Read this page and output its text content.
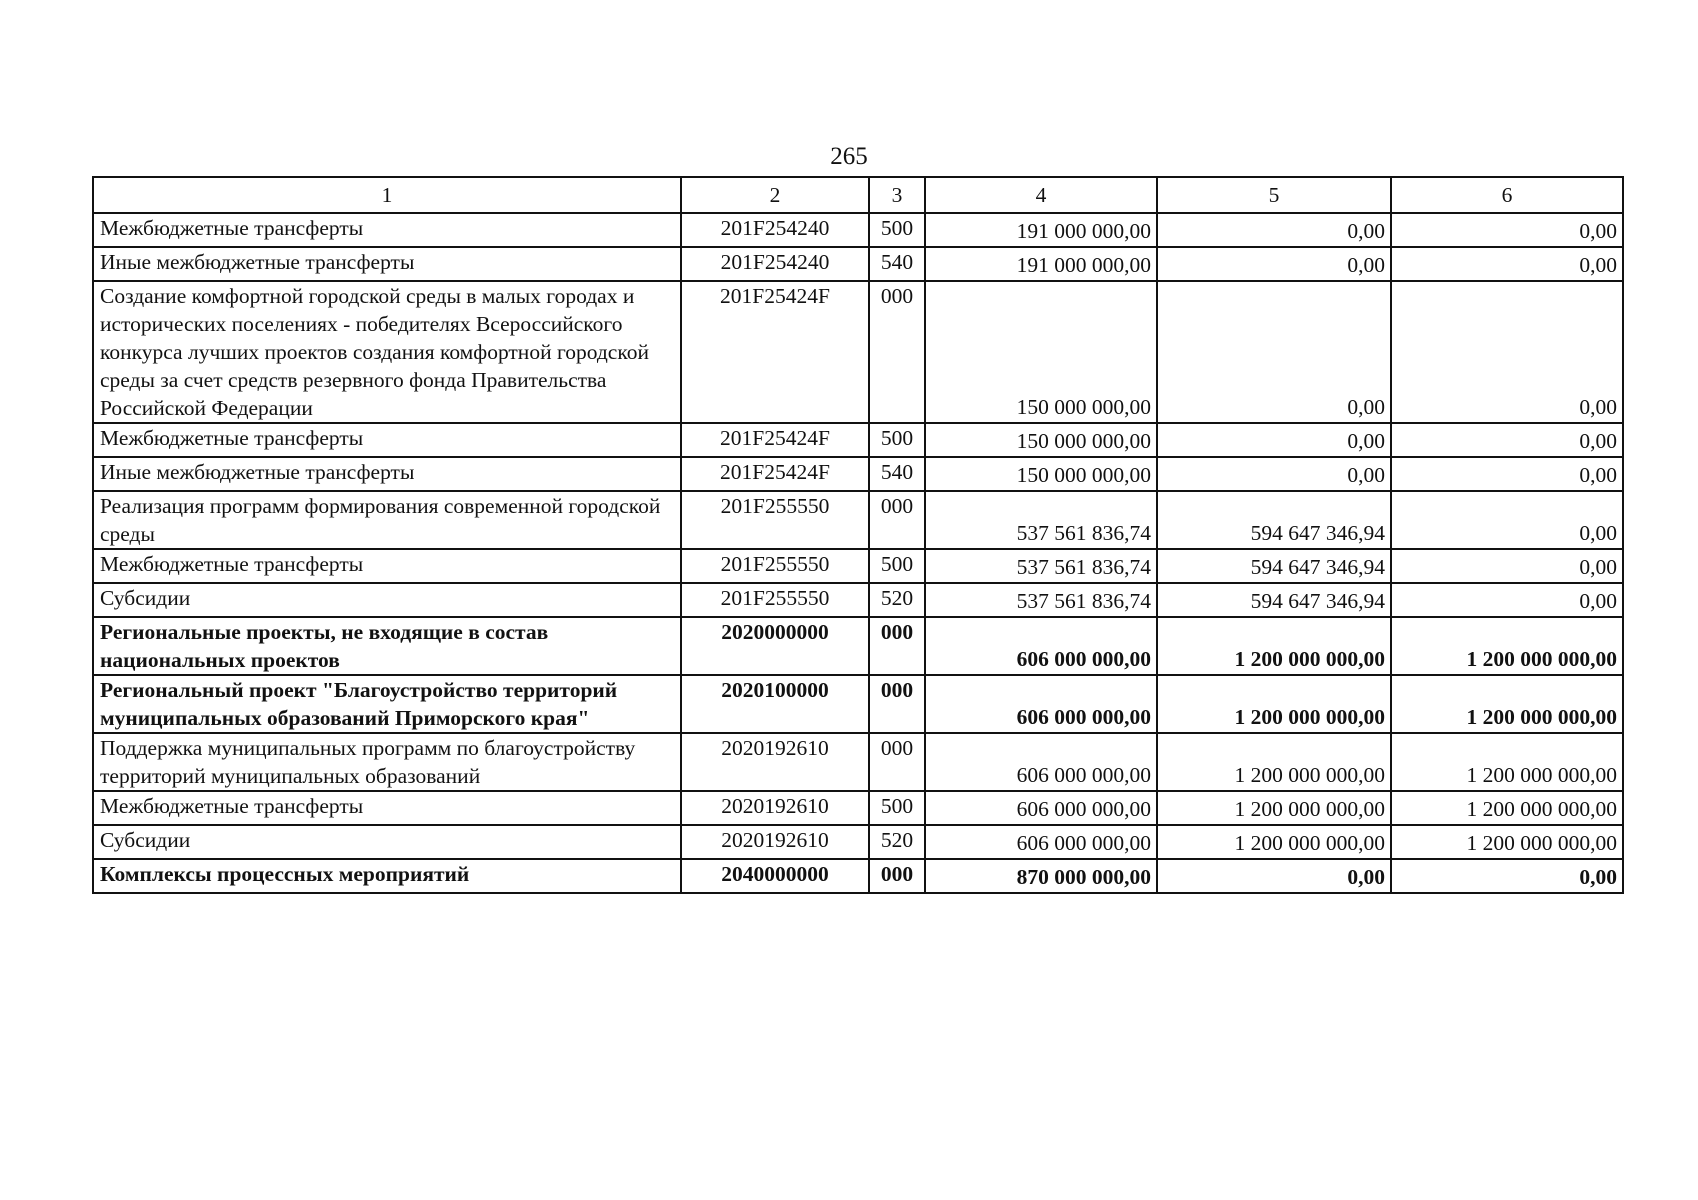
265
1	2	3	4	5	6
Межбюджетные трансферты	201F254240	500	191 000 000,00	0,00	0,00
Иные межбюджетные трансферты	201F254240	540	191 000 000,00	0,00	0,00
Создание комфортной городской среды в малых городах и исторических поселениях - победителях Всероссийского конкурса лучших проектов создания комфортной городской среды за счет средств резервного фонда Правительства Российской Федерации	201F25424F	000	150 000 000,00	0,00	0,00
Межбюджетные трансферты	201F25424F	500	150 000 000,00	0,00	0,00
Иные межбюджетные трансферты	201F25424F	540	150 000 000,00	0,00	0,00
Реализация программ формирования современной городской среды	201F255550	000	537 561 836,74	594 647 346,94	0,00
Межбюджетные трансферты	201F255550	500	537 561 836,74	594 647 346,94	0,00
Субсидии	201F255550	520	537 561 836,74	594 647 346,94	0,00
Региональные проекты, не входящие в состав национальных проектов	2020000000	000	606 000 000,00	1 200 000 000,00	1 200 000 000,00
Региональный проект "Благоустройство территорий муниципальных образований Приморского края"	2020100000	000	606 000 000,00	1 200 000 000,00	1 200 000 000,00
Поддержка муниципальных программ по благоустройству территорий муниципальных образований	2020192610	000	606 000 000,00	1 200 000 000,00	1 200 000 000,00
Межбюджетные трансферты	2020192610	500	606 000 000,00	1 200 000 000,00	1 200 000 000,00
Субсидии	2020192610	520	606 000 000,00	1 200 000 000,00	1 200 000 000,00
Комплексы процессных мероприятий	2040000000	000	870 000 000,00	0,00	0,00
